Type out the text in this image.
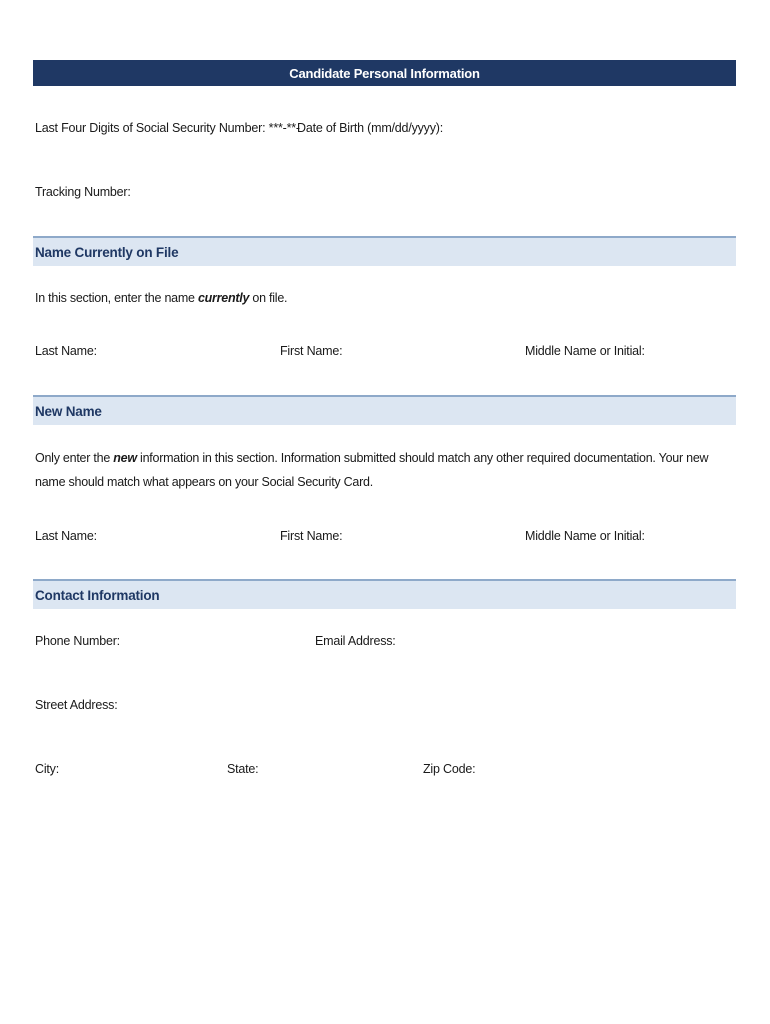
Candidate Personal Information
Last Four Digits of Social Security Number: ***-**-
Date of Birth (mm/dd/yyyy):
Tracking Number:
Name Currently on File
In this section, enter the name currently on file.
Last Name:	First Name:	Middle Name or Initial:
New Name
Only enter the new information in this section. Information submitted should match any other required documentation. Your new name should match what appears on your Social Security Card.
Last Name:	First Name:	Middle Name or Initial:
Contact Information
Phone Number:	Email Address:
Street Address:
City:	State:	Zip Code:
